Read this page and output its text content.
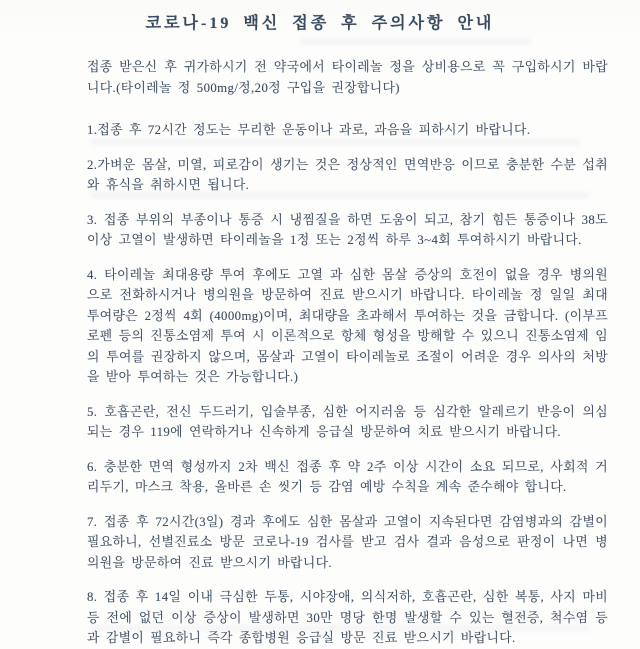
코로나-19 백신 접종 후 주의사항 안내

접종 받은신 후 귀가하시기 전 약국에서 타이레놀 정을 상비용으로 꼭 구입하시기 바랍니다.(타이레놀 정 500mg/정,20정 구입을 권장합니다)

1.접종 후 72시간 정도는 무리한 운동이나 과로, 과음을 피하시기 바랍니다.

2.가벼운 몸살, 미열, 피로감이 생기는 것은 정상적인 면역반응 이므로 충분한 수분 섭취와 휴식을 취하시면 됩니다.

3. 접종 부위의 부종이나 통증 시 냉찜질을 하면 도움이 되고, 참기 힘든 통증이나 38도 이상 고열이 발생하면 타이레놀을 1정 또는 2정씩 하루 3~4회 투여하시기 바랍니다.

4. 타이레놀 최대용량 투여 후에도 고열 과 심한 몸살 증상의 호전이 없을 경우 병의원으로 전화하시거나 병의원을 방문하여 진료 받으시기 바랍니다. 타이레놀 정 일일 최대 투여량은 2정씩 4회 (4000mg)이며, 최대량을 초과해서 투여하는 것을 금합니다. (이부프로펜 등의 진통소염제 투여 시 이론적으로 항체 형성을 방해할 수 있으니 진통소염제 임의 투여를 권장하지 않으며, 몸살과 고열이 타이레놀로 조절이 어려운 경우 의사의 처방을 받아 투여하는 것은 가능합니다.)

5. 호흡곤란, 전신 두드러기, 입술부종, 심한 어지러움 등 심각한 알레르기 반응이 의심되는 경우 119에 연락하거나 신속하게 응급실 방문하여 치료 받으시기 바랍니다.

6. 충분한 면역 형성까지 2차 백신 접종 후 약 2주 이상 시간이 소요 되므로, 사회적 거리두기, 마스크 착용, 올바른 손 씻기 등 감염 예방 수칙을 계속 준수해야 합니다.

7. 접종 후 72시간(3일) 경과 후에도 심한 몸살과 고열이 지속된다면 감염병과의 감별이 필요하니, 선별진료소 방문 코로나-19 검사를 받고 검사 결과 음성으로 판정이 나면 병의원을 방문하여 진료 받으시기 바랍니다.

8. 접종 후 14일 이내 극심한 두통, 시야장애, 의식저하, 호흡곤란, 심한 복통, 사지 마비 등 전에 없던 이상 증상이 발생하면 30만 명당 한명 발생할 수 있는 혈전증, 척수염 등 과 감별이 필요하니 즉각 종합병원 응급실 방문 진료 받으시기 바랍니다.
